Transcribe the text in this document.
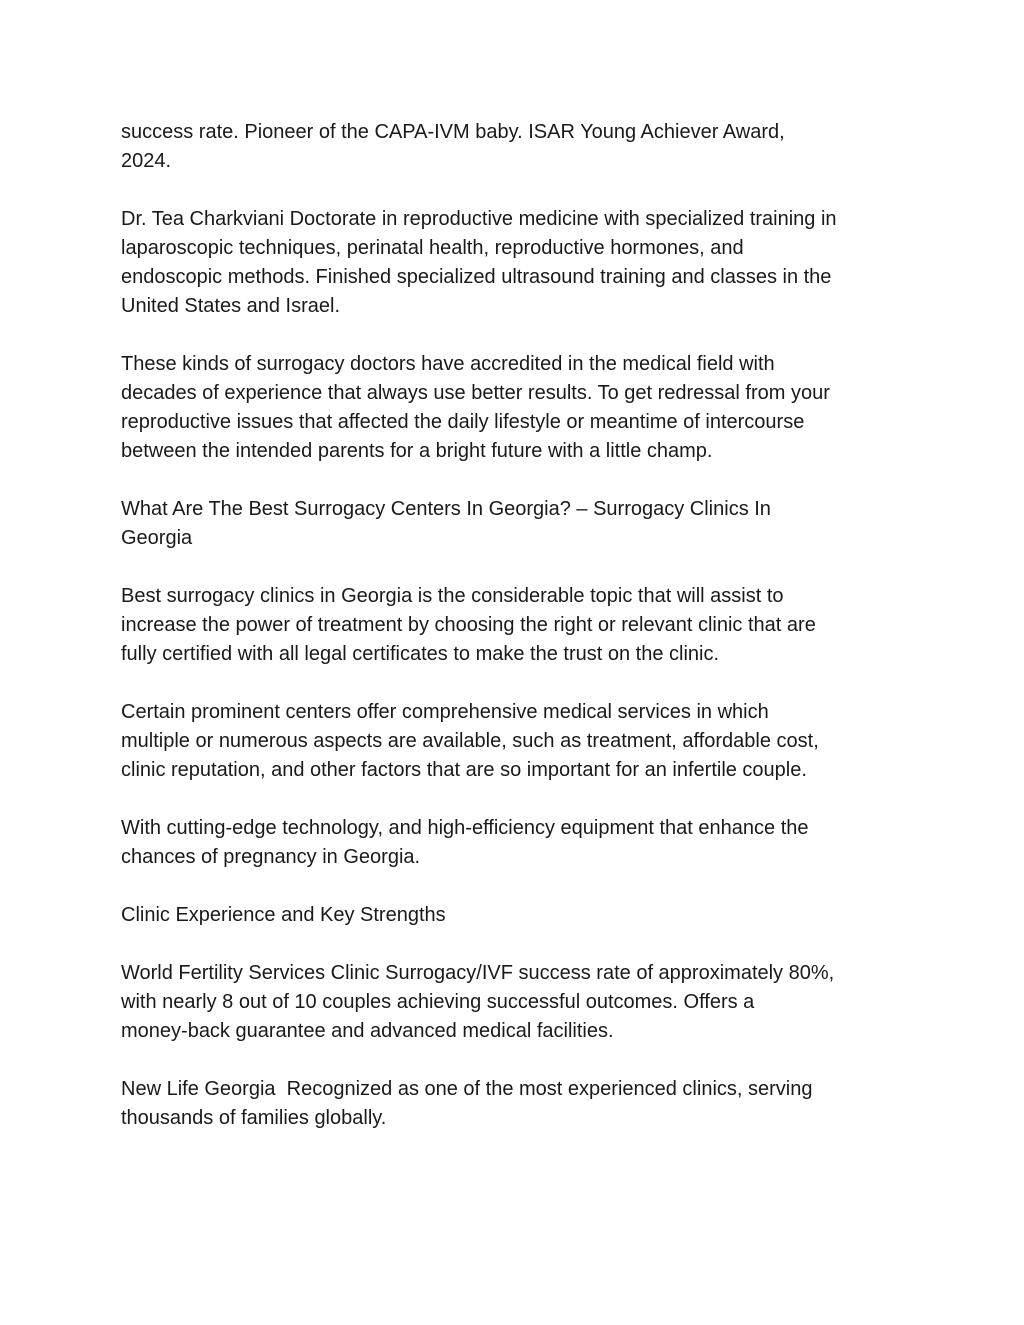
success rate. Pioneer of the CAPA-IVM baby. ISAR Young Achiever Award,
2024.

Dr. Tea Charkviani Doctorate in reproductive medicine with specialized training in
laparoscopic techniques, perinatal health, reproductive hormones, and
endoscopic methods. Finished specialized ultrasound training and classes in the
United States and Israel.

These kinds of surrogacy doctors have accredited in the medical field with
decades of experience that always use better results. To get redressal from your
reproductive issues that affected the daily lifestyle or meantime of intercourse
between the intended parents for a bright future with a little champ.

What Are The Best Surrogacy Centers In Georgia? – Surrogacy Clinics In
Georgia

Best surrogacy clinics in Georgia is the considerable topic that will assist to
increase the power of treatment by choosing the right or relevant clinic that are
fully certified with all legal certificates to make the trust on the clinic.

Certain prominent centers offer comprehensive medical services in which
multiple or numerous aspects are available, such as treatment, affordable cost,
clinic reputation, and other factors that are so important for an infertile couple.

With cutting-edge technology, and high-efficiency equipment that enhance the
chances of pregnancy in Georgia.

Clinic Experience and Key Strengths

World Fertility Services Clinic Surrogacy/IVF success rate of approximately 80%,
with nearly 8 out of 10 couples achieving successful outcomes. Offers a
money-back guarantee and advanced medical facilities.

New Life Georgia  Recognized as one of the most experienced clinics, serving
thousands of families globally.
